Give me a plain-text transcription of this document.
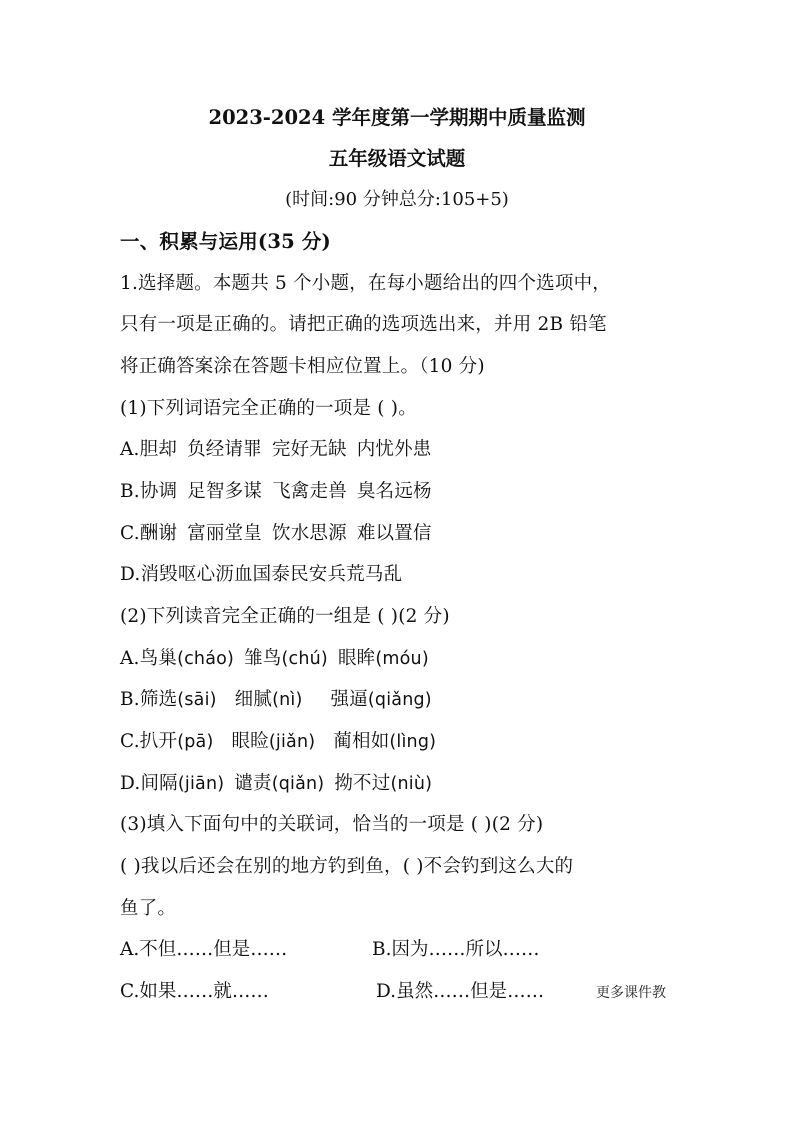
2023-2024 学年度第一学期期中质量监测
五年级语文试题
(时间:90 分钟总分:105+5)
一、积累与运用(35 分)
1.选择题。本题共 5 个小题，在每小题给出的四个选项中，
只有一项是正确的。请把正确的选项选出来，并用 2B 铅笔
将正确答案涂在答题卡相应位置上。（10 分)
(1)下列词语完全正确的一项是 ( )。
A.胆却 负经请罪 完好无缺 内忧外患
B.协调 足智多谋 飞禽走兽 臭名远杨
C.酬谢 富丽堂皇 饮水思源 难以置信
D.消毁呕心沥血国泰民安兵荒马乱
(2)下列读音完全正确的一组是 ( )(2 分)
A.鸟巢(cháo) 雏鸟(chú) 眼眸(móu)
B.筛选(sāi) 细腻(nì) 强逼(qiǎng)
C.扒开(pā) 眼睑(jiǎn) 蔺相如(lìng)
D.间隔(jiān) 谴责(qiǎn) 拗不过(niù)
(3)填入下面句中的关联词，恰当的一项是 ( )(2 分)
( )我以后还会在别的地方钓到鱼，( )不会钓到这么大的
鱼了。
A.不但……但是……	B.因为……所以……
C.如果……就……	D.虽然……但是……	更多课件教
